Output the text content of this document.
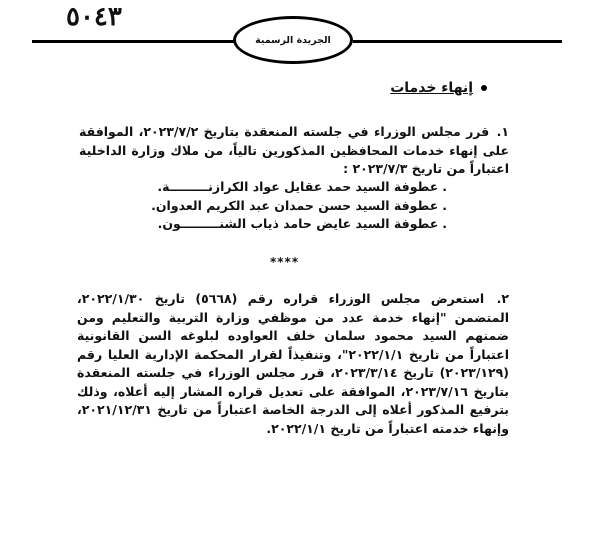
٣٤٠٥
الجريدة الرسمية
إنهاء خدمات
١. قرر مجلس الوزراء في جلسته المنعقدة بتاريخ ٢٠٢٣/٧/٢، الموافقة على إنهاء خدمات المحافظين المذكورين تالياً، من ملاك وزارة الداخلية اعتباراً من تاريخ ٢٠٢٣/٧/٣ :
.عطوفة السيد حمد عقايل عواد الكرازنـــــــــة.
.عطوفة السيد حسن حمدان عبد الكريم العدوان.
.عطوفة السيد عايض حامد ذياب الشنـــــــــون.
****
٢. استعرض مجلس الوزراء قراره رقم (٥٦٦٨) تاريخ ٢٠٢٢/١/٣٠، المتضمن "إنهاء خدمة عدد من موظفي وزارة التربية والتعليم ومن ضمنهم السيد محمود سلمان خلف العواوده لبلوغه السن القانونية اعتباراً من تاريخ ٢٠٢٢/١/١"، وتنفيذاً لقرار المحكمة الإدارية العليا رقم (٢٠٢٣/١٢٩) تاريخ ٢٠٢٣/٣/١٤، قرر مجلس الوزراء في جلسته المنعقدة بتاريخ ٢٠٢٣/٧/١٦، الموافقة على تعديل قراره المشار إليه أعلاه، وذلك بترفيع المذكور أعلاه إلى الدرجة الخاصة اعتباراً من تاريخ ٢٠٢١/١٢/٣١، وإنهاء خدمته اعتباراً من تاريخ ٢٠٢٢/١/١.
